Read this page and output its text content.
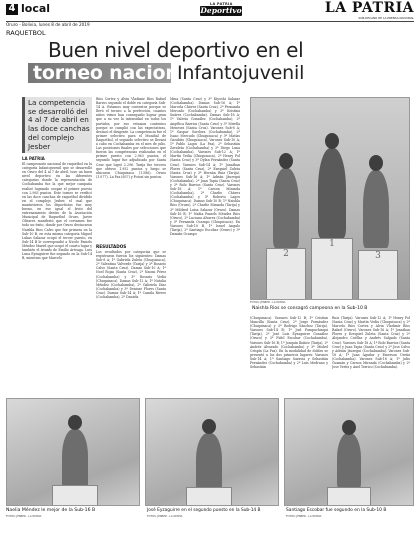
4 local	LA PATRIA
Deportivo	LA PATRIA
SUB-DECANO DE LA PRENSA NACIONAL
Oruro - Bolivia, lunes 8 de abril de 2019
RAQUETBOL
Buen nivel deportivo en el
torneo nacional
Infantojuvenil
La competencia se desarrolló del 4 al 7 de abril en las doce canchas del complejo Jesber
LA PATRIA
El campeonato nacional de raquetbol en la categoría Infantojuvenil que se desarrolló en Oruro del 4 al 7 de abril, tuvo un buen nivel deportivo en las diferentes categorías donde la representación de Cochabamba fue la que mejor campaña realizó logrando ocupar el primer puesto con 2.963 puntos. Este torneo se verificó en las doce canchas de raquetbol dividido en el complejo Jesber, el cual que mantuvieron los deportistas fue muy bueno, en ese igual el fruto del entrenamiento dentro de la Asociación Municipal de Raquetbol Oruro, Javier Olivares manifestó que el certamen fue todo un éxito, donde por Oruro destacaron Naishla Rios Calvo que fue primera en la Sub-10 B, en esta misma categoría Miguel Lukas Salazar ocupó el tercer puesto, en Sub-14 B le correspondió a Nicole Paniels Méndez Mariel que ocupó el cuarto lugar y también el triunfo de Emilio Arteaga. Luis Luna Eyzaguirre fue segundo en la Sub-14 B, mientras que Marcelo
Ríos Cortez y Alvin Vladimir Ríos Rafael Barros segundo el doble en categoría Sub-14 A. Estamos muy contentos porque se llevó el torneo a la perfección, cuantos niños vimos han conseguido lograr gran que a su vez la intensidad en todos los partidos, por eso estamos contentos porque se cumplió con las expectativas, destacó el dirigente. La competencia fue el primer selectivo para el Mundial de Raquetbol, el segundo selectivo se llevará a cabo en Cochabamba en el mes de julio. Las posiciones finales por selecciones que fueron las competencias realizadas en el primer puesto con 2.963 puntos, el segundo lugar fue adjudicado por Santa Cruz que logró 2.296. Tarija fue tercero que obtuvo 1.952 puntos y luego se ubicaron Chuquisaca (1.586), Oruro (1.077), La Paz (657) y Potosí sin puntos.
RESULTADOS
Los resultados por categorías que se registraron fueron los siguientes: Damas Sub-8 A; 1º Gabriela Zuleta (Chuquisaca), 2º Valentina Valverde (Tarija) y 3º Rosario Calvo (Santa Cruz). Damas Sub-10 A; 1º Noel Rojas (Santa Cruz), 2º Naomi Pérez (Cochabamba) y 3º Rosario Vedia (Chuquisaca). Damas Sub-12 A; 1º Natalia Méndez (Cochabamba), 2º Gabriela Díaz (Cochabamba) y 3º Denisse Flores (Santa Cruz). Damas Sub-14 A; 1º Camila Rivero (Cochabamba), 2º Daniela
Mina (Santa Cruz) y 3º Kiyoshi Salazar (Cochabamba). Damas Sub-16 A; 1º Marcela Chávez (Santa Cruz), 2º Fernanda Mercado (Cochabamba) y 3º Kristina Suárez (Cochabamba). Damas Sub-18 A; 1º Valeria González (Cochabamba), 2º Angélica Barrios (Santa Cruz) y 3º Mirella Meneses (Santa Cruz). Varones Sub-8 A; 1º Gaspar Gordova (Cochabamba), 2º Isaac Mercado (Chuquisaca) y 3º Matías Garabito (Chuquisaca). Varones Sub-10 A; 1º Pablo Lagos (La Paz), 2º Sebastián Zavaleta (Cochabamba) y 3º Diego Luna (Cochabamba). Varones Sub-12 A; 1º Martín Vedia (Chuquisaca), 2º Henry Pol (Santa Cruz) y 3º Dylan Fernández (Santa Cruz). Varones Sub-14 A; 1º Jonathan Flores (Santa Cruz), 2º Ezequiel Zuleta (Santa Cruz) y 3º Hernán Ruiz (Tarija). Varones Sub-16 A; 1º Adrián Jáuregui (Cochabamba), 2º Juan Tapia (Santa Cruz) y 3º Rolo Barrios (Santa Cruz). Varones Sub-18 A; 1º Carson Miranda (Cochabamba), 2º Charlie Chávez (Cochabamba) y 3º Roberto Lagos (Chuquisaca). Damas Sub-10 B; 1º Naishla Ríos (Oruro), 2º Charlie Miranda (Tarija) y 3º Mildred Luisa Salazar (Oruro). Damas Sub-16 B; 1º Nadia Paniels Méndez Ríos (Oruro), 2º Luciana Alvarez (Cochabamba) y 3º Fernanda Ocampo (Chuquisaca). En Varones Sub-10 B, 1º Israel Angulo (Tarija), 2º Santiago Escobar (Oruro) y 3º Damián Ocampo
2
1
3
FOTOS: JESBER - LA PATRIA
Naishla Rios se consagró campeona en la Sub-10 B
(Chuquisaca). Varones Sub-12 B; 1º Cristian Mancilla (Santa Cruz), 2º Jorge Fernández (Chuquisaca) y 3º Rodrigo Sánchez (Tarija). Varones Sub-14 B; 1º Joel Pampuchinqui (Tarija), 2º José Luis Eyzaguirre González (Oruro) y 3º Fidel Escobar (Cochabamba). Varones Sub-16 B; 1º Joaquín Ibáñez (Tarija), 2º Andrés Alvarado (Cochabamba) y 3º Mishel Crispín (La Paz). En la modalidad de dobles se presentó a los dos primeros lugares: Varones Sub-14 A; 1º Santiago Saravia y Sebastián Fernández (Cochabamba) y 2º Luis Medrano y Sebastián
Ruiz (Tarija). Varones Sub-12 A; 1º Henry Pol (Santa Cruz) y Martín Vedia (Chuquisaca) y 2º Marcelo Ríos Cortez y Alvin Vladimir Ríos Rafael (Oruro). Varones Sub-16 A; 1º Jonathan Flores y Ezequiel Zuleta (Santa Cruz) y 2º Alejandro Cuéllar y Andrés Salgado (Santa Cruz). Varones Sub-18 A; 1º Rolo Barrios (Santa Cruz) y Juan Tapia (Santa Cruz) y 2º Jose Calvo y Adrián Jáuregui (Cochabamba). Varones Sub-18 A; 1º Juan Aguilar y Emerson Ureña (Cochabamba). Varones Sub-18 A; 1º Julio Guzmán y Carson Miranda (Cochabamba) y 2º Jose Vertiz y Axel Torrico (Cochabamba).
Naelia Méndez le mejor de la Sub-16 B
FOTOS: JESBER - LA PATRIA
José Eyzaguirre en el segundo puesto en la Sub-14 B
FOTOS: JESBER - LA PATRIA
Santiago Escobar fue segundo en la Sub-10 B
FOTOS: JESBER - LA PATRIA
